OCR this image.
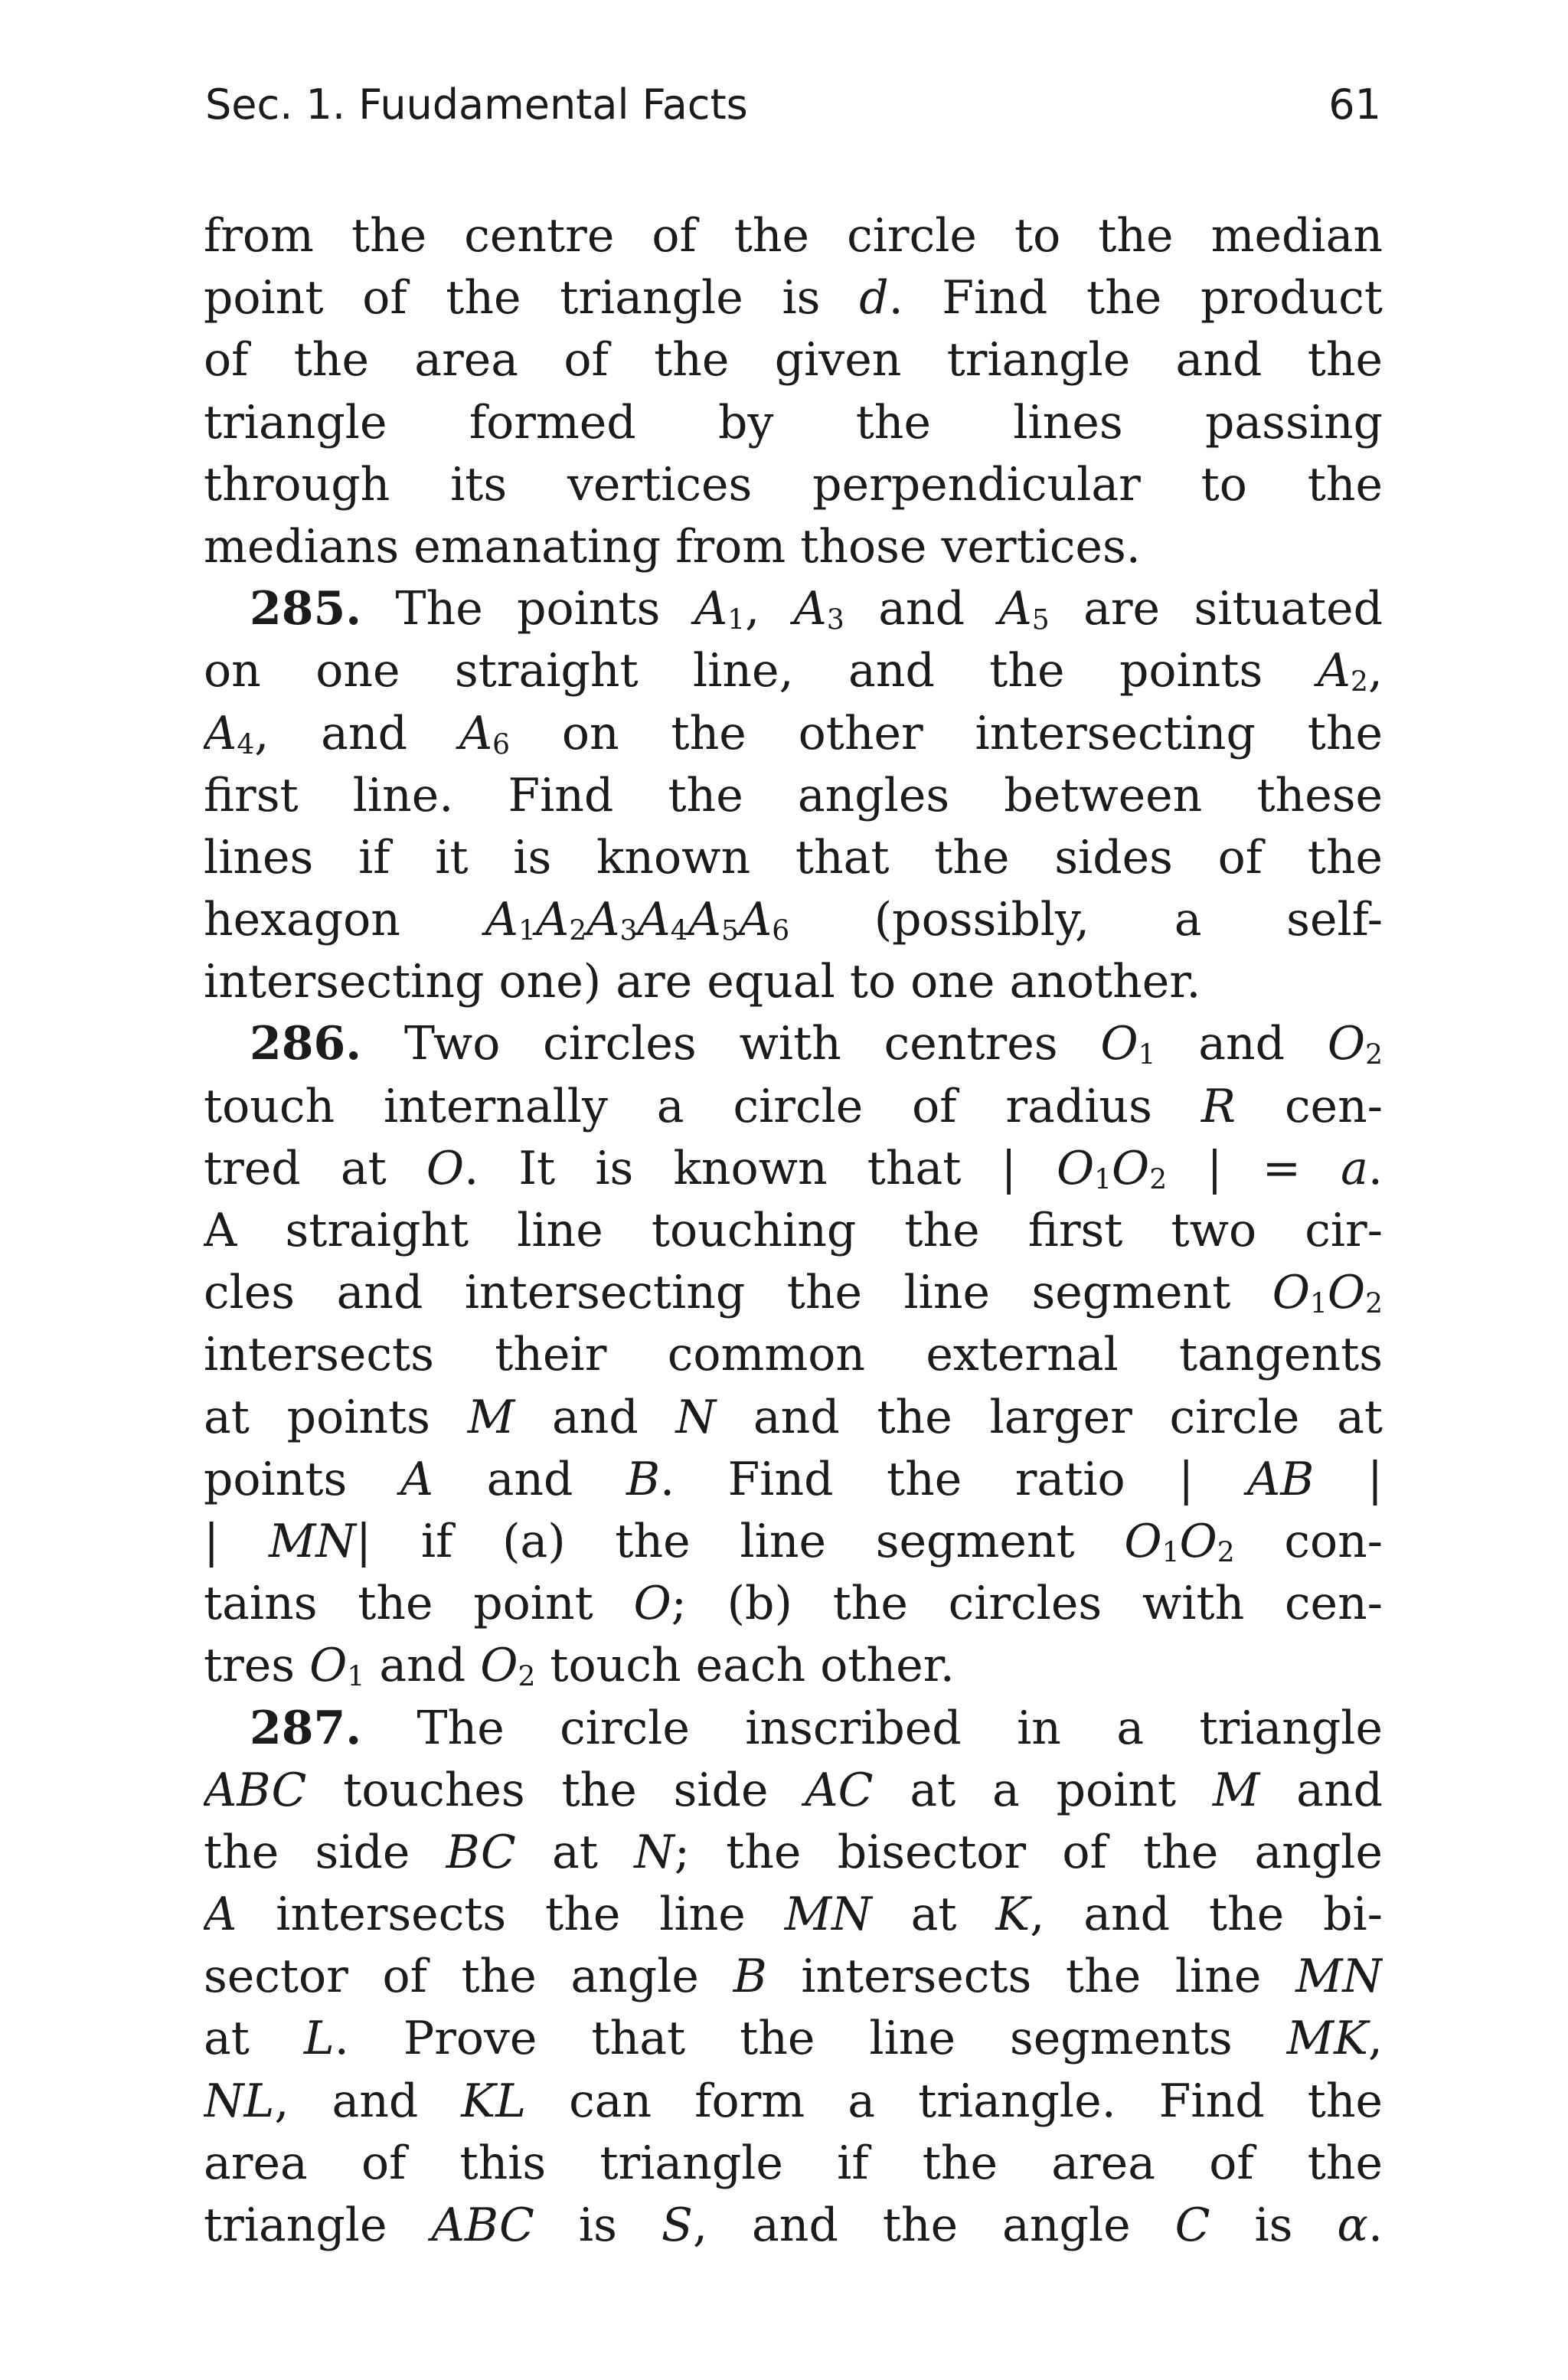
Sec. 1. Fuudamental Facts	61
from the centre of the circle to the median
point of the triangle is d. Find the product
of the area of the given triangle and the
triangle formed by the lines passing
through its vertices perpendicular to the
medians emanating from those vertices.
285. The points $A_1$, $A_3$ and $A_5$ are situated
on one straight line, and the points $A_2$,
$A_4$, and $A_6$ on the other intersecting the
first line. Find the angles between these
lines if it is known that the sides of the
hexagon $A_1A_2A_3A_4A_5A_6$ (possibly, a self-
intersecting one) are equal to one another.
286. Two circles with centres $O_1$ and $O_2$
touch internally a circle of radius R cen-
tred at O. It is known that | $O_1O_2$ | = a.
A straight line touching the first two cir-
cles and intersecting the line segment $O_1O_2$
intersects their common external tangents
at points M and N and the larger circle at
points A and B. Find the ratio | AB |
| MN| if (a) the line segment $O_1O_2$ con-
tains the point O; (b) the circles with cen-
tres $O_1$ and $O_2$ touch each other.
287. The circle inscribed in a triangle
ABC touches the side AC at a point M and
the side BC at N; the bisector of the angle
A intersects the line MN at K, and the bi-
sector of the angle B intersects the line MN
at L. Prove that the line segments MK,
NL, and KL can form a triangle. Find the
area of this triangle if the area of the
triangle ABC is S, and the angle C is α.
